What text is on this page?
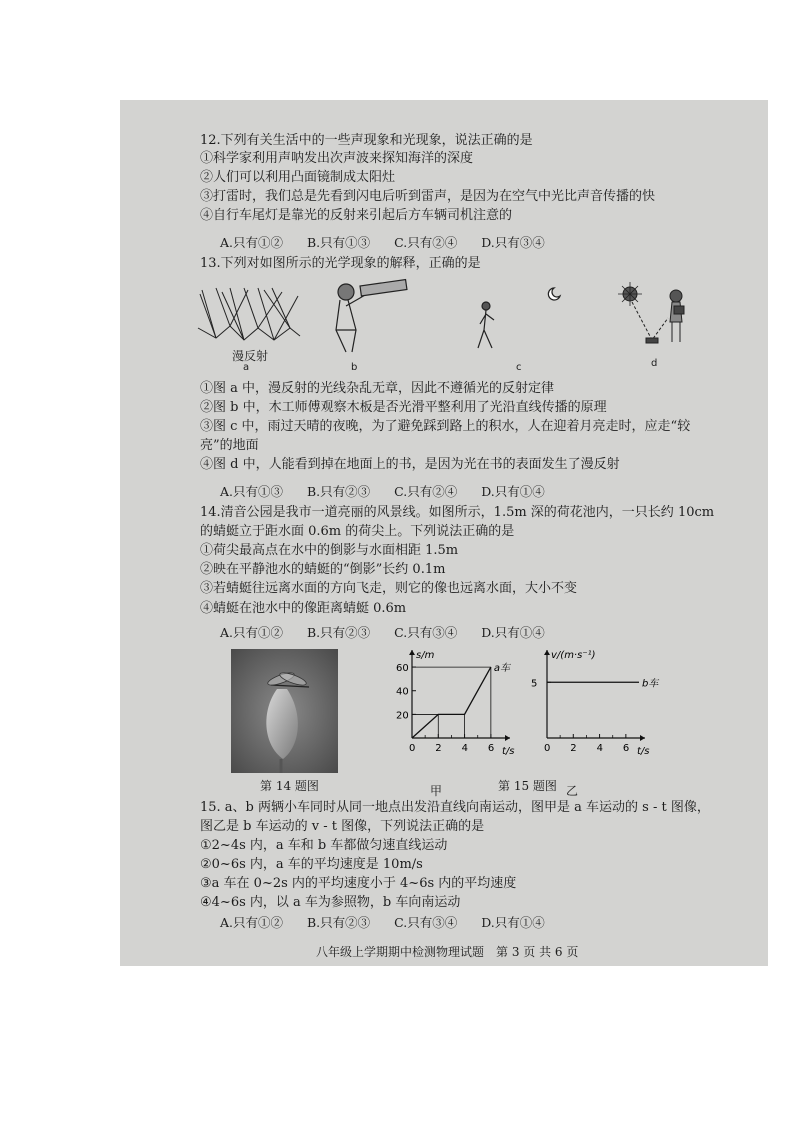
12.下列有关生活中的一些声现象和光现象，说法正确的是
①科学家利用声呐发出次声波来探知海洋的深度
②人们可以利用凸面镜制成太阳灶
③打雷时，我们总是先看到闪电后听到雷声，是因为在空气中光比声音传播的快
④自行车尾灯是靠光的反射来引起后方车辆司机注意的
A.只有①② B.只有①③ C.只有②④ D.只有③④
13.下列对如图所示的光学现象的解释，正确的是
漫反射
a	b	c	d
①图 a 中，漫反射的光线杂乱无章，因此不遵循光的反射定律
②图 b 中，木工师傅观察木板是否光滑平整利用了光沿直线传播的原理
③图 c 中，雨过天晴的夜晚，为了避免踩到路上的积水，人在迎着月亮走时，应走“较
亮”的地面
④图 d 中，人能看到掉在地面上的书，是因为光在书的表面发生了漫反射
A.只有①③ B.只有②③ C.只有②④ D.只有①④
14.清音公园是我市一道亮丽的风景线。如图所示，1.5m 深的荷花池内，一只长约 10cm
的蜻蜓立于距水面 0.6m 的荷尖上。下列说法正确的是
①荷尖最高点在水中的倒影与水面相距 1.5m
②映在平静池水的蜻蜓的“倒影”长约 0.1m
③若蜻蜓往远离水面的方向飞走，则它的像也远离水面，大小不变
④蜻蜓在池水中的像距离蜻蜓 0.6m
A.只有①② B.只有②③ C.只有③④ D.只有①④
第 14 题图
s/m
t/s
0 2 4 6
20
40
60	a车
甲
v/(m·s⁻¹)
t/s
0 2 4 6
5	b车
乙
第 15 题图
15. a、b 两辆小车同时从同一地点出发沿直线向南运动，图甲是 a 车运动的 s - t 图像，
图乙是 b 车运动的 v - t 图像，下列说法正确的是
①2~4s 内，a 车和 b 车都做匀速直线运动
②0~6s 内，a 车的平均速度是 10m/s
③a 车在 0~2s 内的平均速度小于 4~6s 内的平均速度
④4~6s 内，以 a 车为参照物，b 车向南运动
A.只有①② B.只有②③ C.只有③④ D.只有①④
八年级上学期期中检测物理试题　第 3 页 共 6 页
